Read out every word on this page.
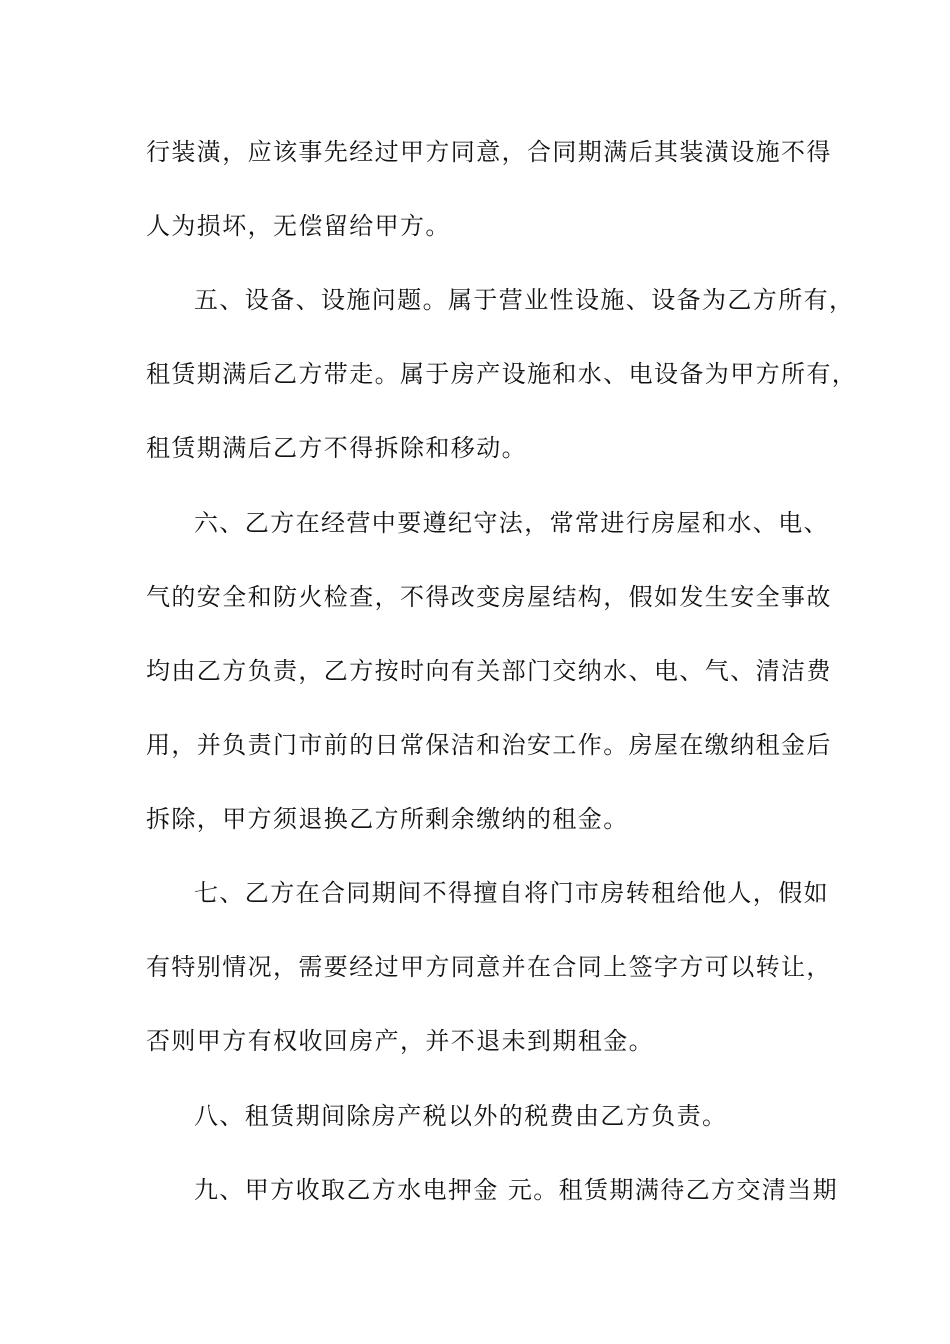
行装潢，应该事先经过甲方同意，合同期满后其装潢设施不得
人为损坏，无偿留给甲方。
五、设备、设施问题。属于营业性设施、设备为乙方所有，
租赁期满后乙方带走。属于房产设施和水、电设备为甲方所有，
租赁期满后乙方不得拆除和移动。
六、乙方在经营中要遵纪守法，常常进行房屋和水、电、
气的安全和防火检查，不得改变房屋结构，假如发生安全事故
均由乙方负责，乙方按时向有关部门交纳水、电、气、清洁费
用，并负责门市前的日常保洁和治安工作。房屋在缴纳租金后
拆除，甲方须退换乙方所剩余缴纳的租金。
七、乙方在合同期间不得擅自将门市房转租给他人，假如
有特别情况，需要经过甲方同意并在合同上签字方可以转让，
否则甲方有权收回房产，并不退未到期租金。
八、租赁期间除房产税以外的税费由乙方负责。
九、甲方收取乙方水电押金 元。租赁期满待乙方交清当期
